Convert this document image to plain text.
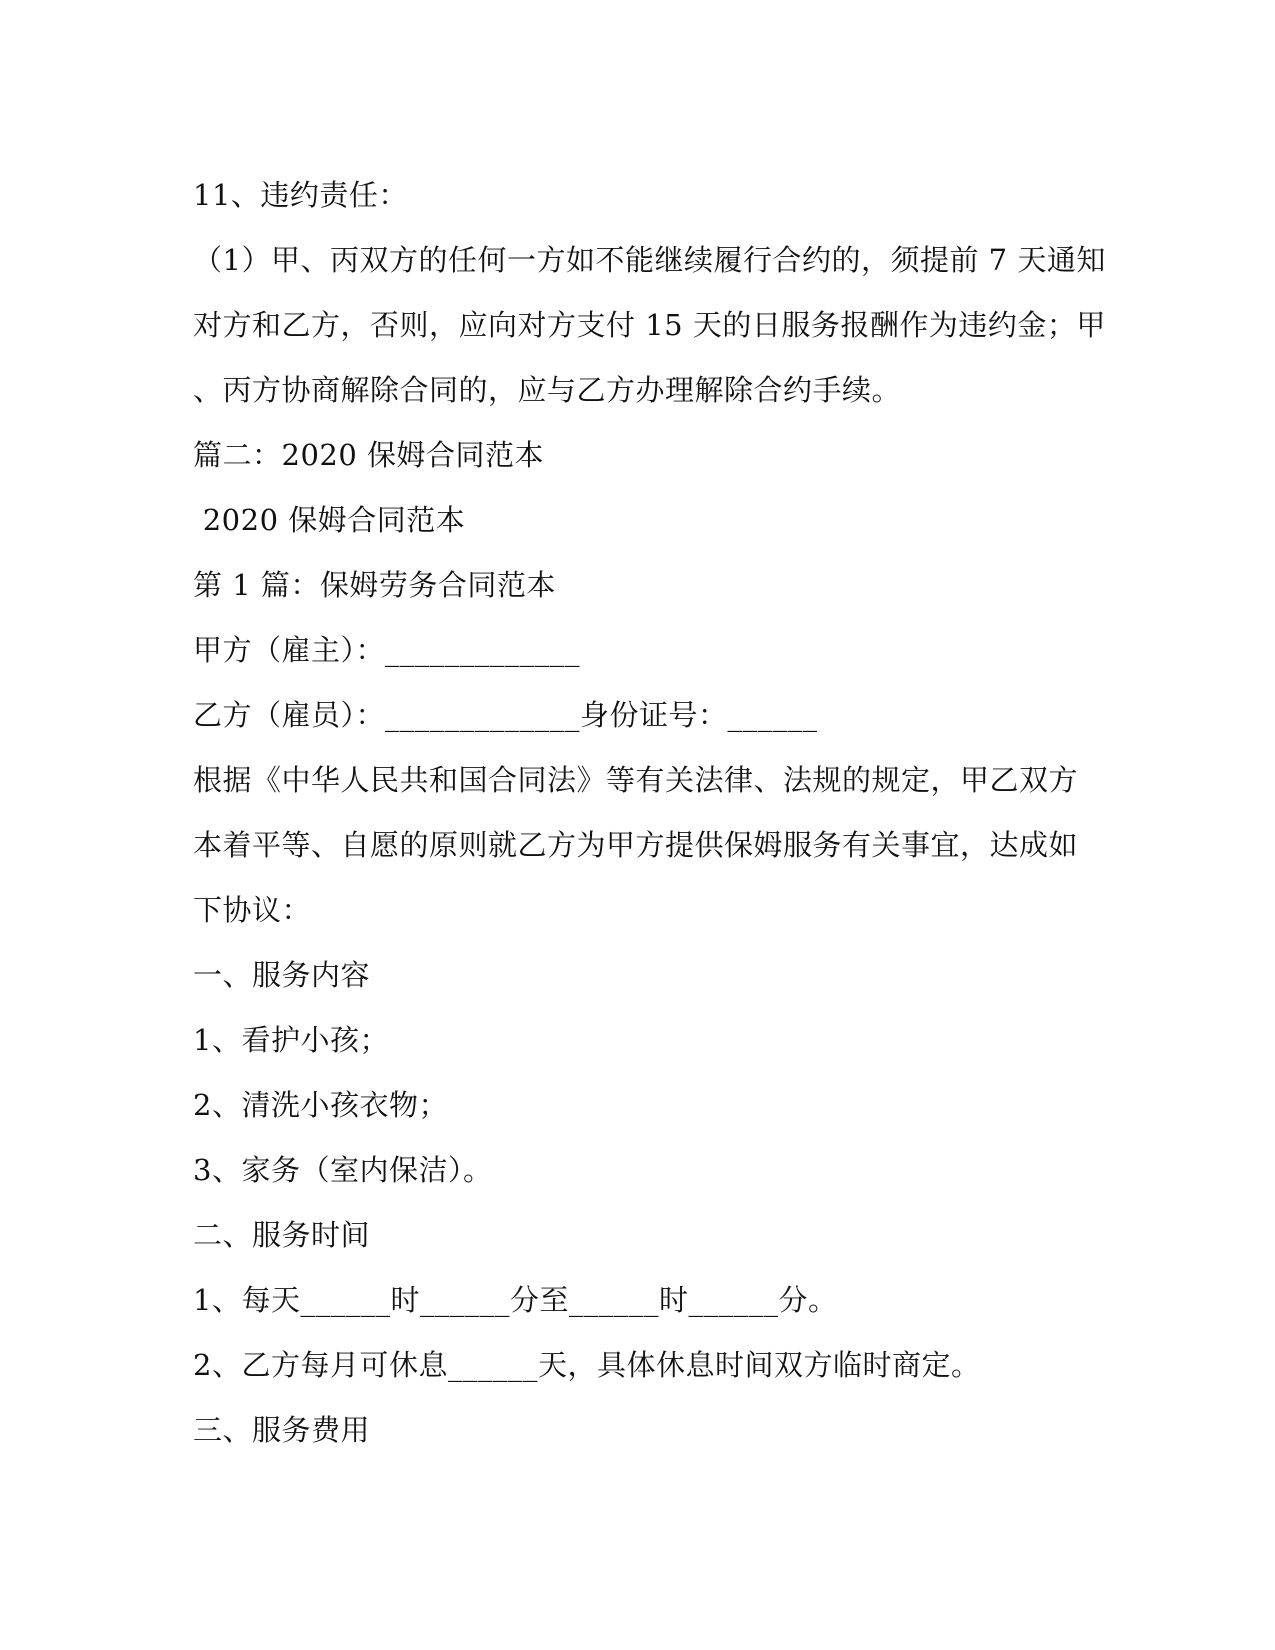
11、违约责任：
（1）甲、丙双方的任何一方如不能继续履行合约的，须提前 7 天通知
对方和乙方，否则，应向对方支付 15 天的日服务报酬作为违约金；甲
、丙方协商解除合同的，应与乙方办理解除合约手续。
篇二：2020 保姆合同范本
2020 保姆合同范本
第 1 篇：保姆劳务合同范本
甲方（雇主）：_____________
乙方（雇员）：_____________身份证号：______
根据《中华人民共和国合同法》等有关法律、法规的规定，甲乙双方
本着平等、自愿的原则就乙方为甲方提供保姆服务有关事宜，达成如
下协议：
一、服务内容
1、看护小孩；
2、清洗小孩衣物；
3、家务（室内保洁）。
二、服务时间
1、每天______时______分至______时______分。
2、乙方每月可休息______天，具体休息时间双方临时商定。
三、服务费用
